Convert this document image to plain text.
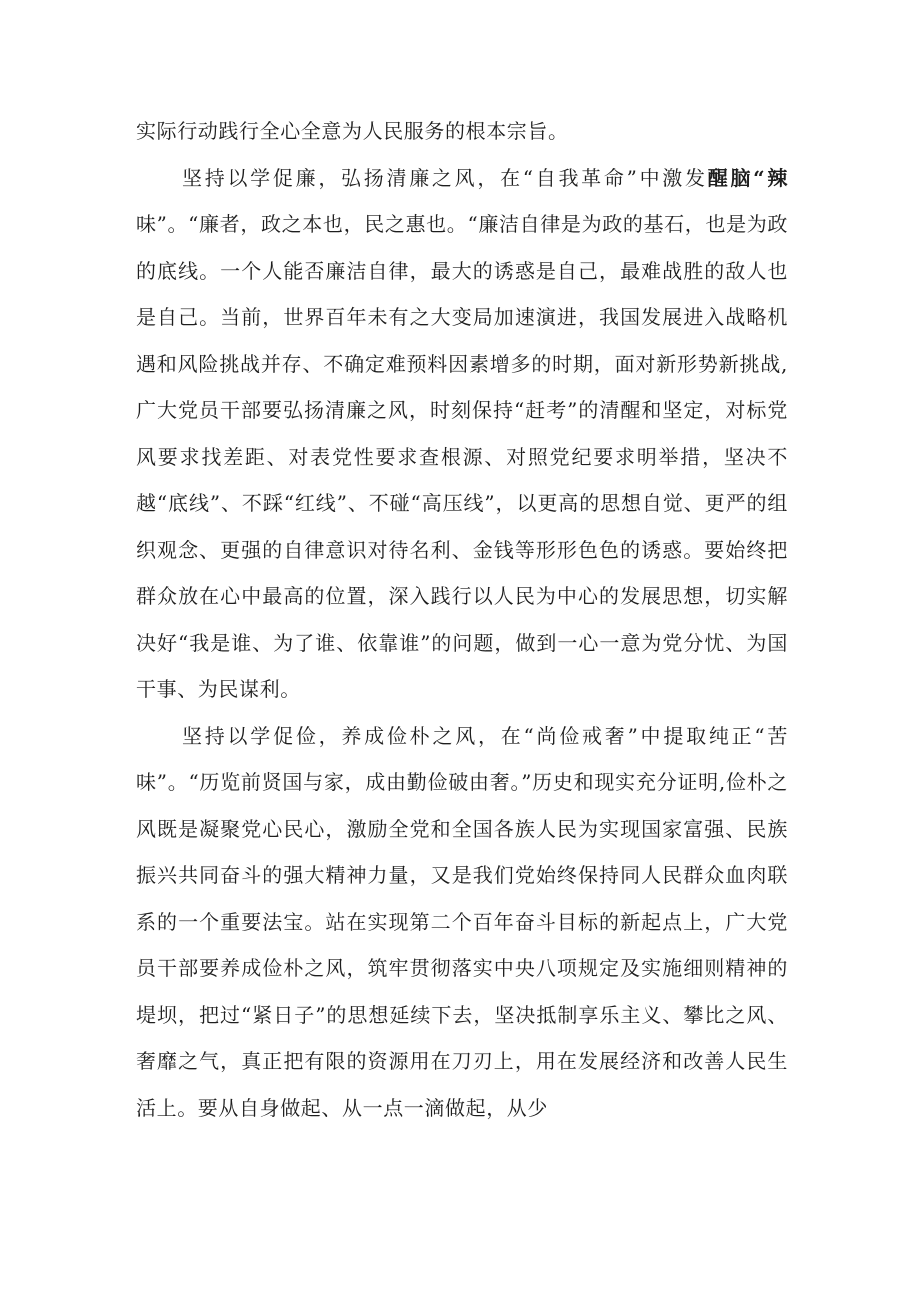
实际行动践行全心全意为人民服务的根本宗旨。

坚持以学促廉，弘扬清廉之风，在“自我革命”中激发醒脑“辣味”。“廉者，政之本也，民之惠也。“廉洁自律是为政的基石，也是为政的底线。一个人能否廉洁自律，最大的诱惑是自己，最难战胜的敌人也是自己。当前，世界百年未有之大变局加速演进，我国发展进入战略机遇和风险挑战并存、不确定难预料因素增多的时期，面对新形势新挑战,广大党员干部要弘扬清廉之风，时刻保持“赶考”的清醒和坚定，对标党风要求找差距、对表党性要求查根源、对照党纪要求明举措，坚决不越“底线”、不踩“红线”、不碰“高压线”，以更高的思想自觉、更严的组织观念、更强的自律意识对待名利、金钱等形形色色的诱惑。要始终把群众放在心中最高的位置，深入践行以人民为中心的发展思想，切实解决好“我是谁、为了谁、依靠谁”的问题，做到一心一意为党分忧、为国干事、为民谋利。

坚持以学促俭，养成俭朴之风，在“尚俭戒奢”中提取纯正“苦味”。“历览前贤国与家，成由勤俭破由奢。”历史和现实充分证明,俭朴之风既是凝聚党心民心，激励全党和全国各族人民为实现国家富强、民族振兴共同奋斗的强大精神力量，又是我们党始终保持同人民群众血肉联系的一个重要法宝。站在实现第二个百年奋斗目标的新起点上，广大党员干部要养成俭朴之风，筑牢贯彻落实中央八项规定及实施细则精神的堤坝，把过“紧日子”的思想延续下去，坚决抵制享乐主义、攀比之风、奢靡之气，真正把有限的资源用在刀刃上，用在发展经济和改善人民生活上。要从自身做起、从一点一滴做起，从少
